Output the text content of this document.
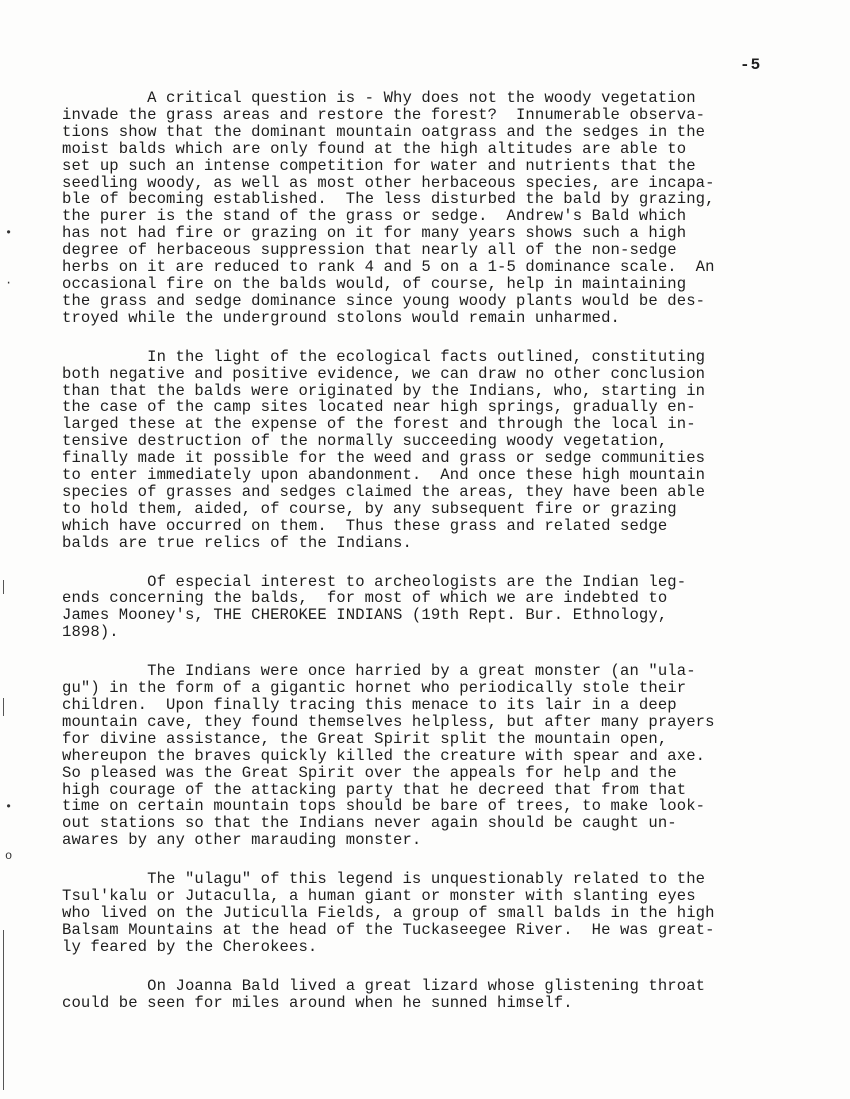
-5
A critical question is - Why does not the woody vegetation
invade the grass areas and restore the forest?  Innumerable observa-
tions show that the dominant mountain oatgrass and the sedges in the
moist balds which are only found at the high altitudes are able to
set up such an intense competition for water and nutrients that the
seedling woody, as well as most other herbaceous species, are incapa-
ble of becoming established.  The less disturbed the bald by grazing,
the purer is the stand of the grass or sedge.  Andrew's Bald which
has not had fire or grazing on it for many years shows such a high
degree of herbaceous suppression that nearly all of the non-sedge
herbs on it are reduced to rank 4 and 5 on a 1-5 dominance scale.  An
occasional fire on the balds would, of course, help in maintaining
the grass and sedge dominance since young woody plants would be des-
troyed while the underground stolons would remain unharmed.
In the light of the ecological facts outlined, constituting
both negative and positive evidence, we can draw no other conclusion
than that the balds were originated by the Indians, who, starting in
the case of the camp sites located near high springs, gradually en-
larged these at the expense of the forest and through the local in-
tensive destruction of the normally succeeding woody vegetation,
finally made it possible for the weed and grass or sedge communities
to enter immediately upon abandonment.  And once these high mountain
species of grasses and sedges claimed the areas, they have been able
to hold them, aided, of course, by any subsequent fire or grazing
which have occurred on them.  Thus these grass and related sedge
balds are true relics of the Indians.
Of especial interest to archeologists are the Indian leg-
ends concerning the balds,  for most of which we are indebted to
James Mooney's, THE CHEROKEE INDIANS (19th Rept. Bur. Ethnology,
1898).
The Indians were once harried by a great monster (an "ula-
gu") in the form of a gigantic hornet who periodically stole their
children.  Upon finally tracing this menace to its lair in a deep
mountain cave, they found themselves helpless, but after many prayers
for divine assistance, the Great Spirit split the mountain open,
whereupon the braves quickly killed the creature with spear and axe.
So pleased was the Great Spirit over the appeals for help and the
high courage of the attacking party that he decreed that from that
time on certain mountain tops should be bare of trees, to make look-
out stations so that the Indians never again should be caught un-
awares by any other marauding monster.
The "ulagu" of this legend is unquestionably related to the
Tsul'kalu or Jutaculla, a human giant or monster with slanting eyes
who lived on the Juticulla Fields, a group of small balds in the high
Balsam Mountains at the head of the Tuckaseegee River.  He was great-
ly feared by the Cherokees.
On Joanna Bald lived a great lizard whose glistening throat
could be seen for miles around when he sunned himself.
•
·
•
o
